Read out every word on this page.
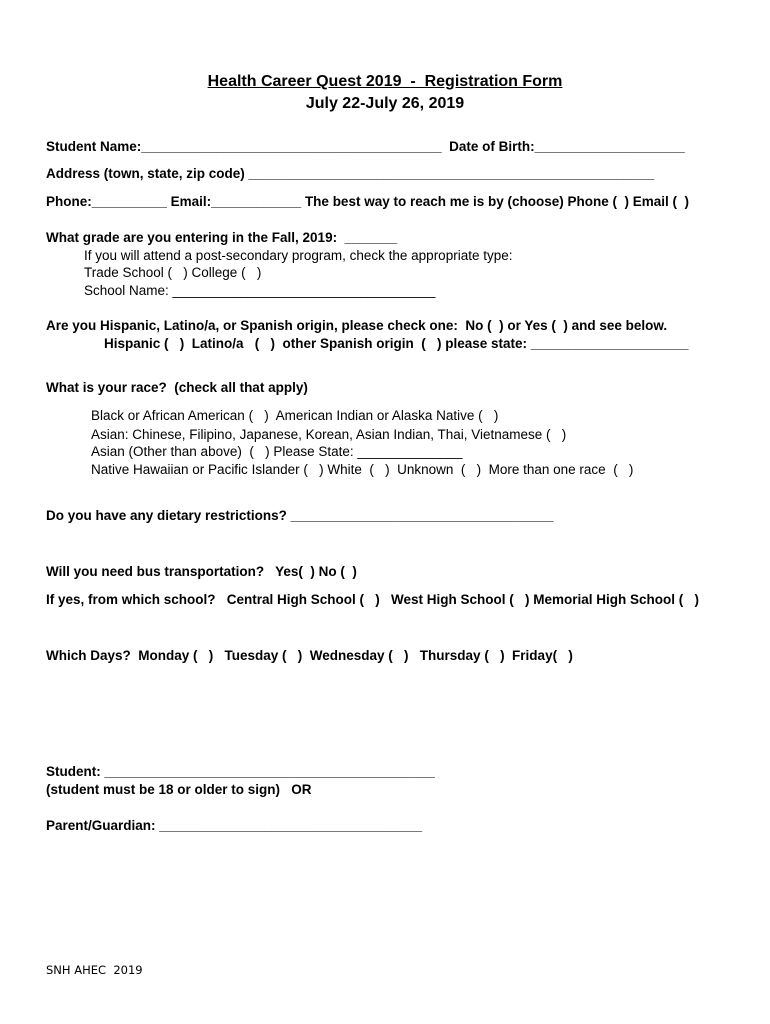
Health Career Quest 2019  -  Registration Form
July 22-July 26, 2019
Student Name:________________________________________  Date of Birth:____________________
Address (town, state, zip code) ______________________________________________________
Phone:__________ Email:____________ The best way to reach me is by (choose) Phone (  ) Email (  )
What grade are you entering in the Fall, 2019:  _______
If you will attend a post-secondary program, check the appropriate type:
Trade School (   ) College (   )
School Name: ___________________________________
Are you Hispanic, Latino/a, or Spanish origin, please check one:  No (  ) or Yes (  ) and see below.
Hispanic (   )  Latino/a   (   )  other Spanish origin  (   ) please state: _____________________
What is your race?  (check all that apply)
Black or African American (   )  American Indian or Alaska Native (   )
Asian: Chinese, Filipino, Japanese, Korean, Asian Indian, Thai, Vietnamese (   )
Asian (Other than above)  (   ) Please State: ______________
Native Hawaiian or Pacific Islander (   ) White  (   )  Unknown  (   )  More than one race  (   )
Do you have any dietary restrictions? ___________________________________
Will you need bus transportation?   Yes(  ) No (  )
If yes, from which school?   Central High School (   )   West High School (   ) Memorial High School (   )
Which Days?  Monday (   )   Tuesday (   )  Wednesday (   )   Thursday (   )  Friday(   )
Student: ____________________________________________
(student must be 18 or older to sign)   OR
Parent/Guardian: ___________________________________
SNH AHEC  2019
